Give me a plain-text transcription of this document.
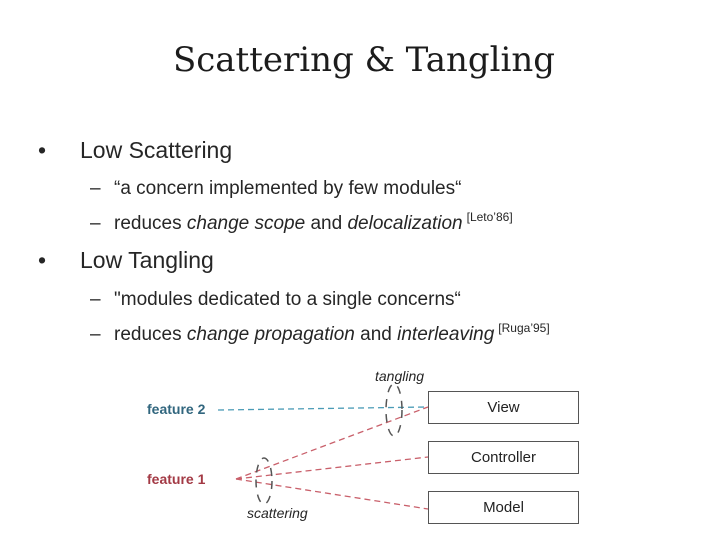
Scattering & Tangling
• Low Scattering
– “a concern implemented by few modules“
– reduces change scope and delocalization [Leto’86]
• Low Tangling
– "modules dedicated to a single concerns“
– reduces change propagation and interleaving [Ruga’95]
tangling
scattering
feature 2
feature 1
View
Controller
Model
